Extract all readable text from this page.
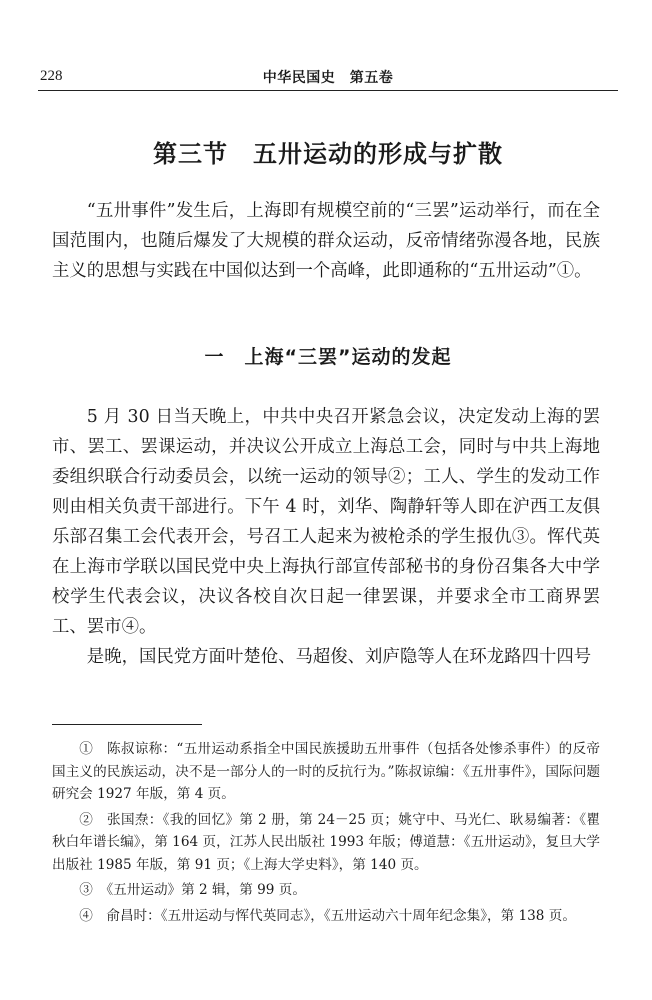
228	中华民国史　第五卷
第三节　五卅运动的形成与扩散

“五卅事件”发生后，上海即有规模空前的“三罢”运动举行，而在全国范围内，也随后爆发了大规模的群众运动，反帝情绪弥漫各地，民族主义的思想与实践在中国似达到一个高峰，此即通称的“五卅运动”①。

一　上海“三罢”运动的发起

5 月 30 日当天晚上，中共中央召开紧急会议，决定发动上海的罢市、罢工、罢课运动，并决议公开成立上海总工会，同时与中共上海地委组织联合行动委员会，以统一运动的领导②；工人、学生的发动工作则由相关负责干部进行。下午 4 时，刘华、陶静轩等人即在沪西工友俱乐部召集工会代表开会，号召工人起来为被枪杀的学生报仇③。恽代英在上海市学联以国民党中央上海执行部宣传部秘书的身份召集各大中学校学生代表会议，决议各校自次日起一律罢课，并要求全市工商界罢工、罢市④。

是晚，国民党方面叶楚伧、马超俊、刘庐隐等人在环龙路四十四号

①　陈叔谅称：“五卅运动系指全中国民族援助五卅事件（包括各处惨杀事件）的反帝国主义的民族运动，决不是一部分人的一时的反抗行为。”陈叔谅编：《五卅事件》，国际问题研究会 1927 年版，第 4 页。

②　张国焘：《我的回忆》第 2 册，第 24－25 页；姚守中、马光仁、耿易编著：《瞿秋白年谱长编》，第 164 页，江苏人民出版社 1993 年版；傅道慧：《五卅运动》，复旦大学出版社 1985 年版，第 91 页；《上海大学史料》，第 140 页。

③　《五卅运动》第 2 辑，第 99 页。

④　俞昌时：《五卅运动与恽代英同志》，《五卅运动六十周年纪念集》，第 138 页。
